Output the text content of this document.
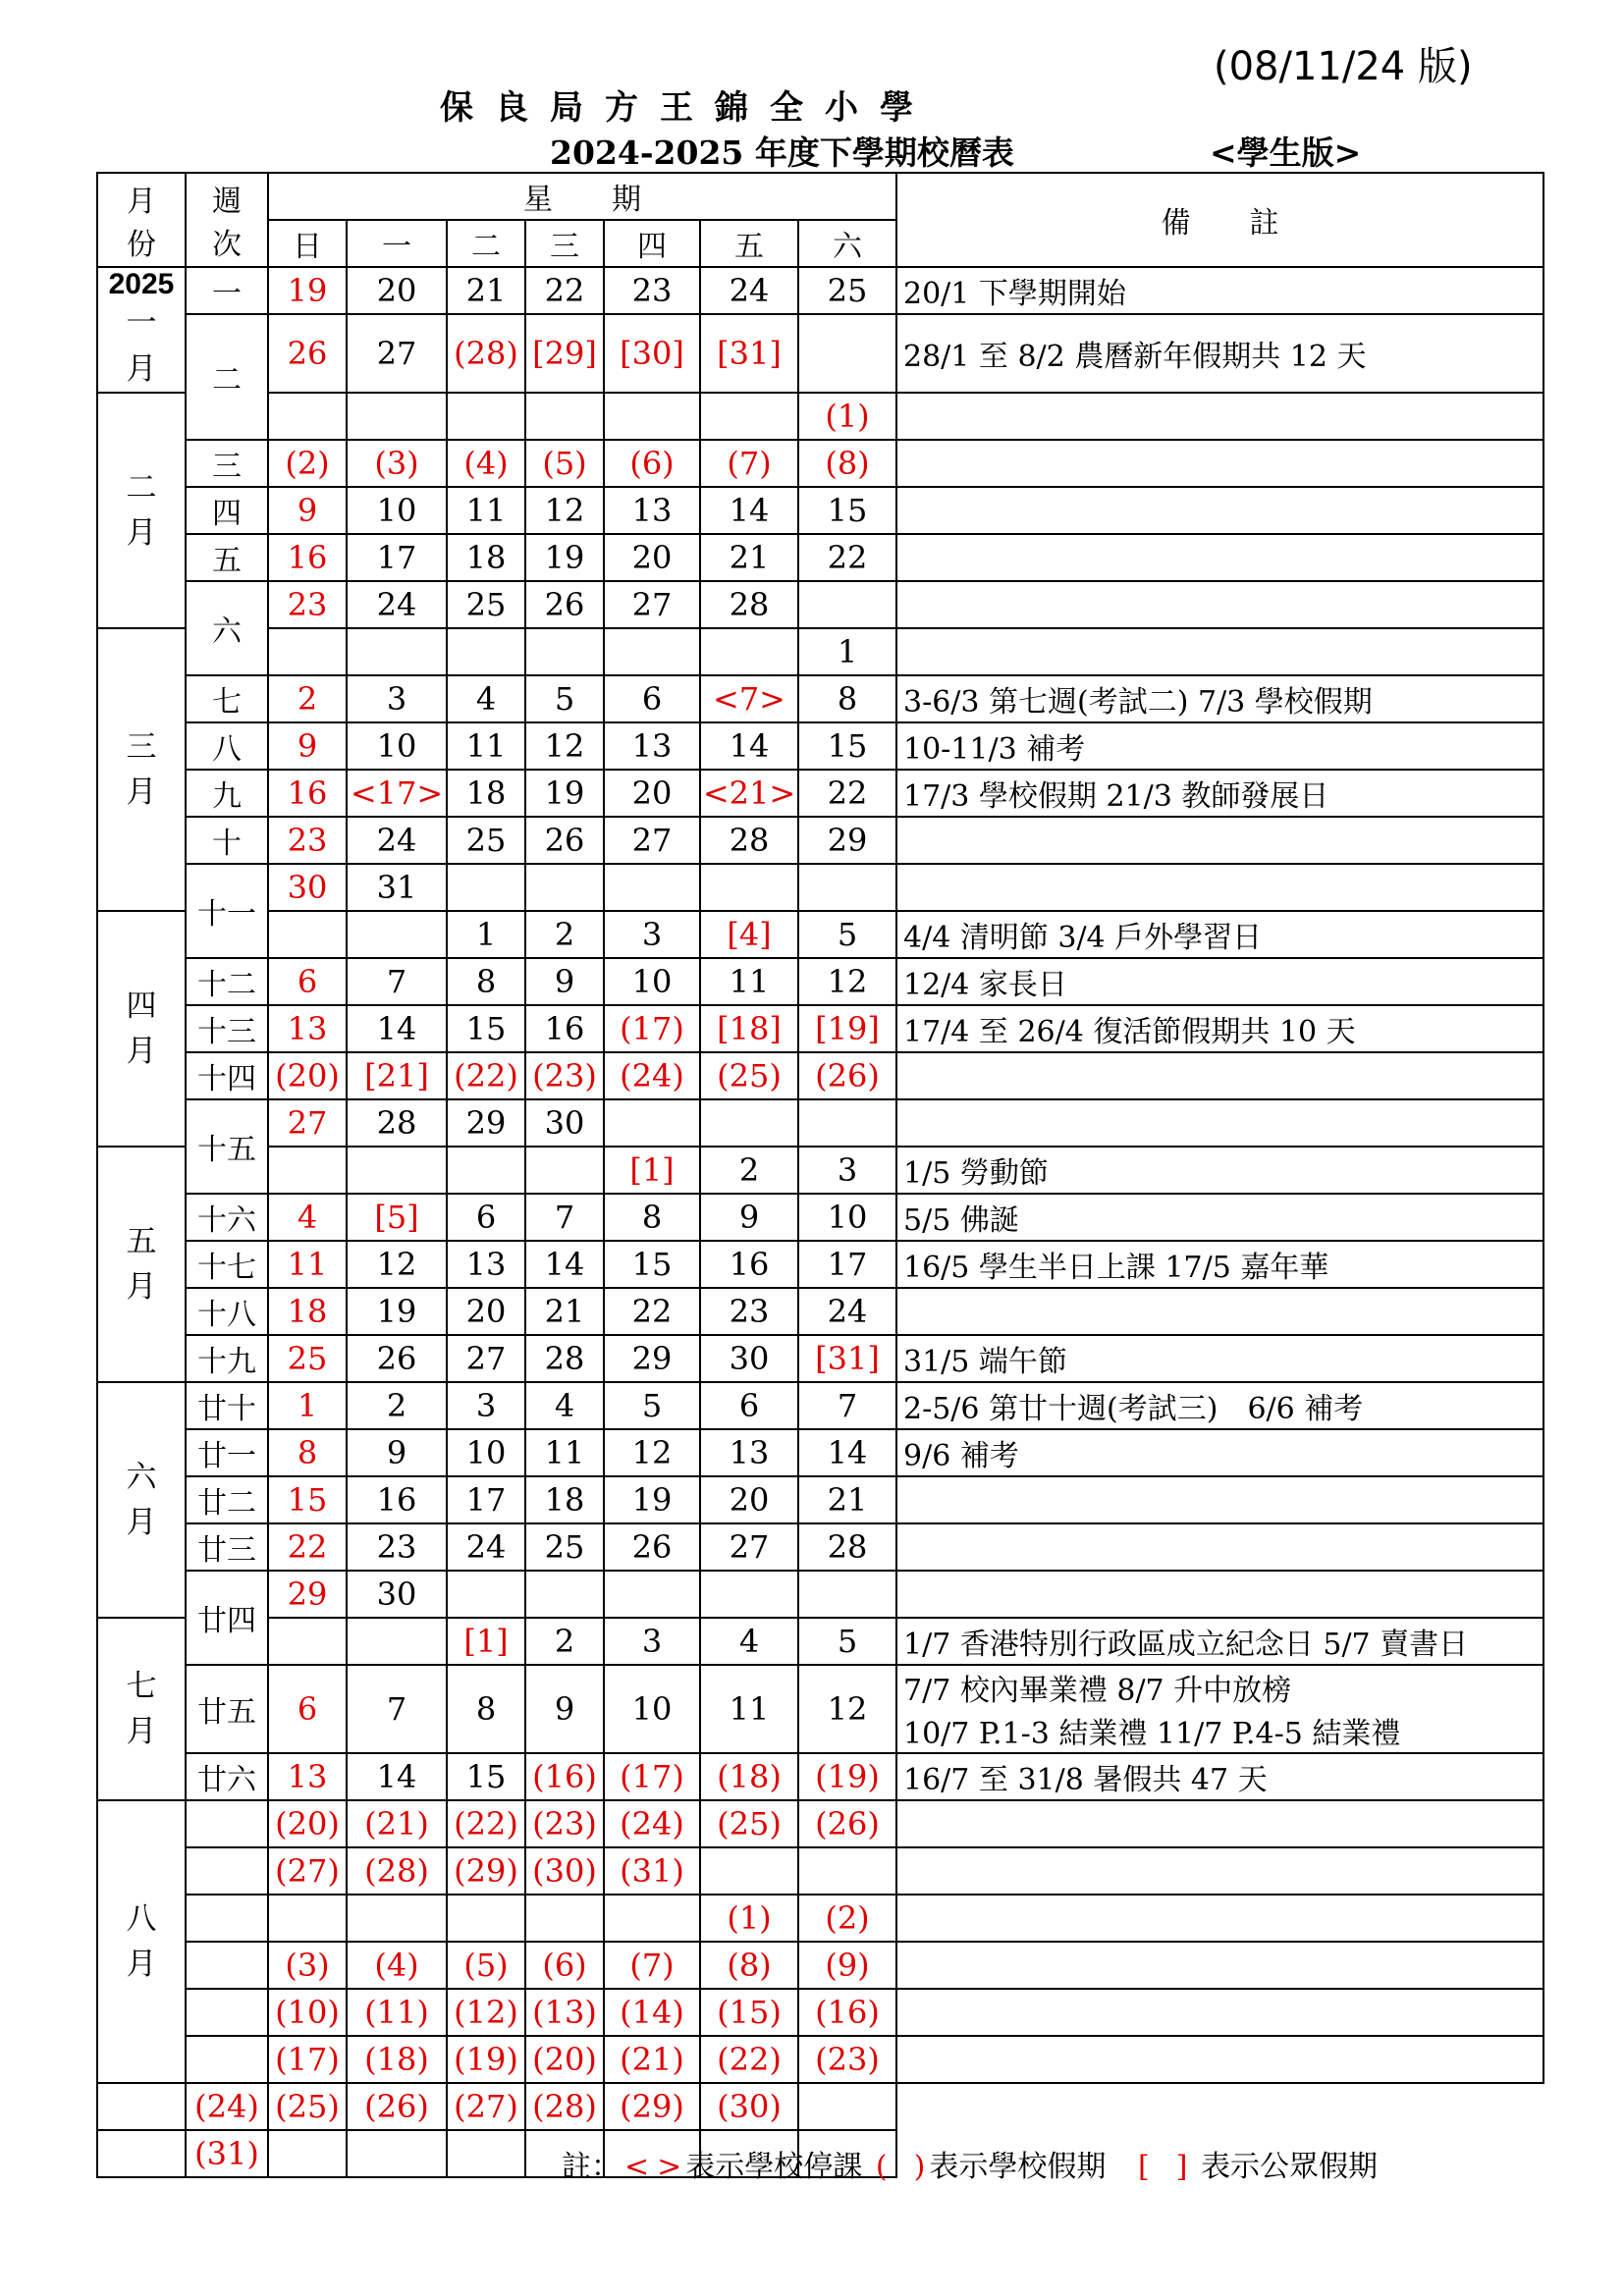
(08/11/24 版)
保良局方王錦全小學
2024-2025 年度下學期校曆表	<學生版>
月
份	週
次	星　　期							備　　註
		日	一	二	三	四	五	六	

2025
一
月	一	19	20	21	22	23	24	25	20/1 下學期開始

	二	26	27	(28)	[29]	[30]	[31]		28/1 至 8/2 農曆新年假期共 12 天

二
月								(1)	

	三	(2)	(3)	(4)	(5)	(6)	(7)	(8)	

	四	9	10	11	12	13	14	15	

	五	16	17	18	19	20	21	22	

	六	23	24	25	26	27	28		

三
月								1	

	七	2	3	4	5	6	<7>	8	3-6/3 第七週(考試二) 7/3 學校假期

	八	9	10	11	12	13	14	15	10-11/3 補考

	九	16	<17>	18	19	20	<21>	22	17/3 學校假期 21/3 教師發展日

	十	23	24	25	26	27	28	29	

	十一	30	31						

四
月				1	2	3	[4]	5	4/4 清明節 3/4 戶外學習日

	十二	6	7	8	9	10	11	12	12/4 家長日

	十三	13	14	15	16	(17)	[18]	[19]	17/4 至 26/4 復活節假期共 10 天

	十四	(20)	[21]	(22)	(23)	(24)	(25)	(26)	

	十五	27	28	29	30				

五
月						[1]	2	3	1/5 勞動節

	十六	4	[5]	6	7	8	9	10	5/5 佛誕

	十七	11	12	13	14	15	16	17	16/5 學生半日上課 17/5 嘉年華

	十八	18	19	20	21	22	23	24	

	十九	25	26	27	28	29	30	[31]	31/5 端午節

六
月	廿十	1	2	3	4	5	6	7	2-5/6 第廿十週(考試三)　6/6 補考

	廿一	8	9	10	11	12	13	14	9/6 補考

	廿二	15	16	17	18	19	20	21	

	廿三	22	23	24	25	26	27	28	

	廿四	29	30						

七
月				[1]	2	3	4	5	1/7 香港特別行政區成立紀念日 5/7 賣書日

	廿五	6	7	8	9	10	11	12	7/7 校內畢業禮 8/7 升中放榜
10/7 P.1-3 結業禮 11/7 P.4-5 結業禮

	廿六	13	14	15	(16)	(17)	(18)	(19)	16/7 至 31/8 暑假共 47 天

八
月		(20)	(21)	(22)	(23)	(24)	(25)	(26)	

		(27)	(28)	(29)	(30)	(31)			

							(1)	(2)	

		(3)	(4)	(5)	(6)	(7)	(8)	(9)	

		(10)	(11)	(12)	(13)	(14)	(15)	(16)	

		(17)	(18)	(19)	(20)	(21)	(22)	(23)	

	(24)	(25)	(26)	(27)	(28)	(29)	(30)		

	(31)									註： < > 表示學校停課 ( ) 表示學校假期 [ ] 表示公眾假期
